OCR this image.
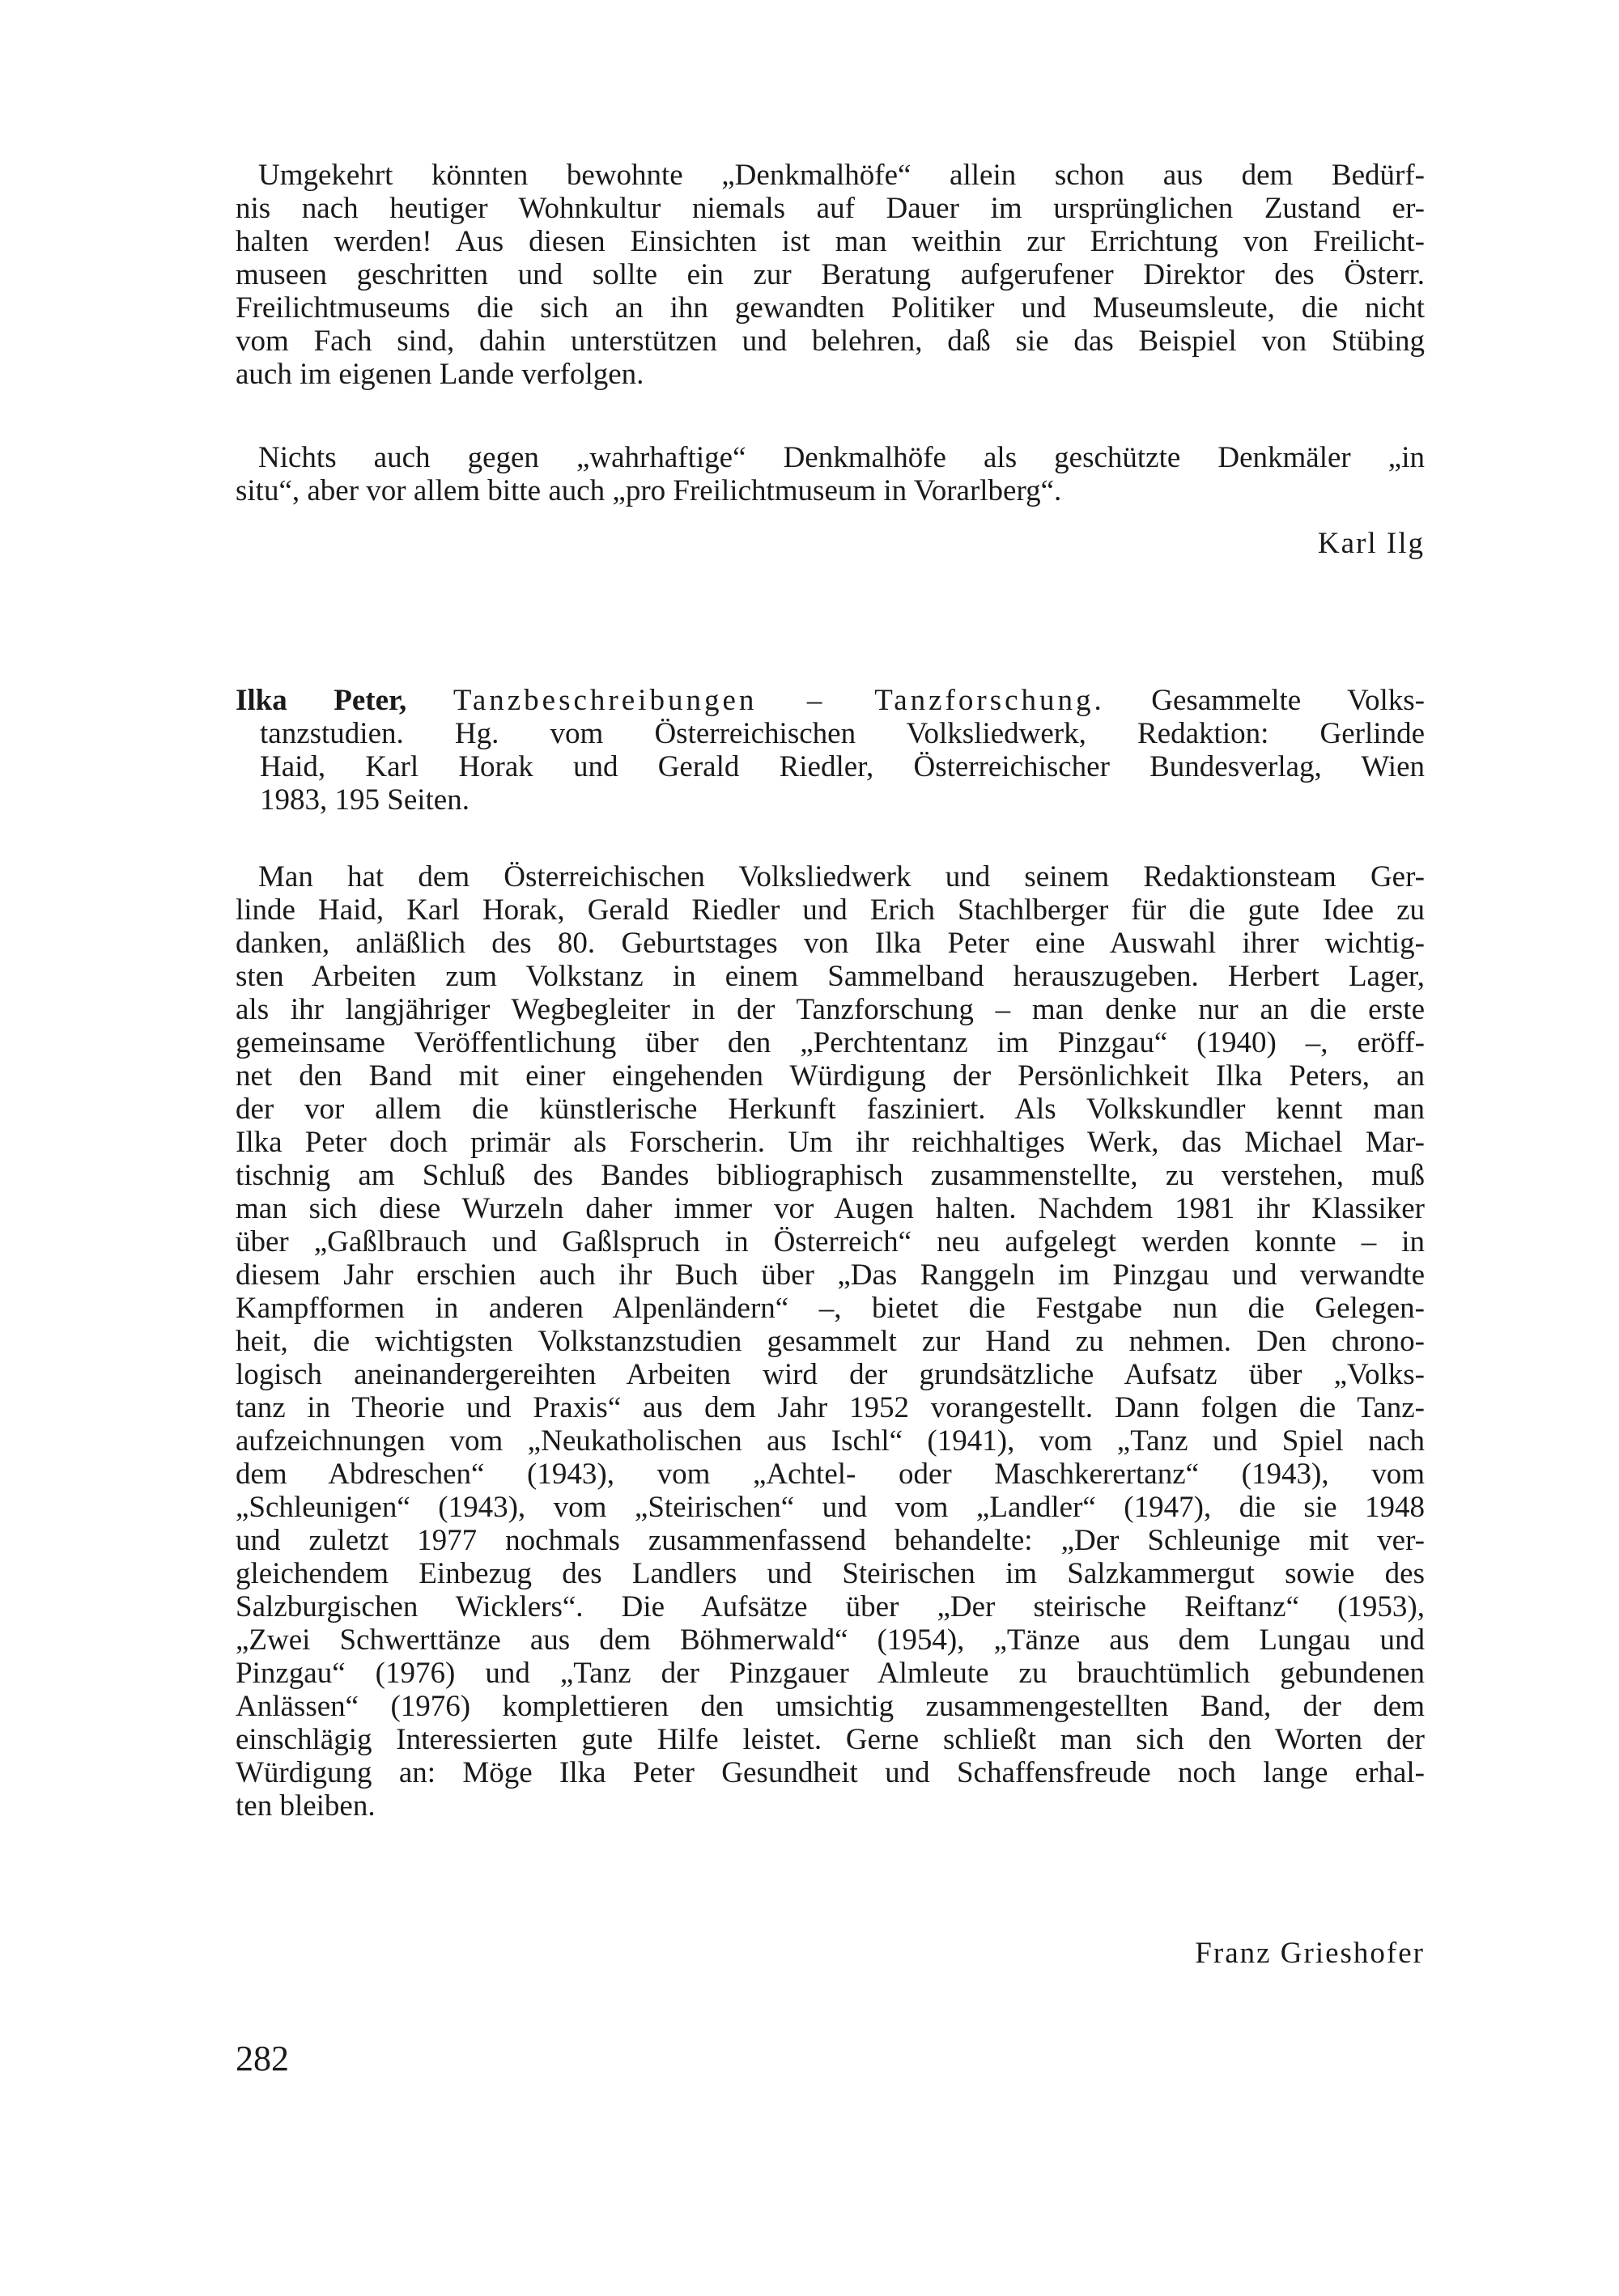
Umgekehrt könnten bewohnte „Denkmalhöfe“ allein schon aus dem Bedürf-
nis nach heutiger Wohnkultur niemals auf Dauer im ursprünglichen Zustand er-
halten werden! Aus diesen Einsichten ist man weithin zur Errichtung von Freilicht-
museen geschritten und sollte ein zur Beratung aufgerufener Direktor des Österr.
Freilichtmuseums die sich an ihn gewandten Politiker und Museumsleute, die nicht
vom Fach sind, dahin unterstützen und belehren, daß sie das Beispiel von Stübing
auch im eigenen Lande verfolgen.
Nichts auch gegen „wahrhaftige“ Denkmalhöfe als geschützte Denkmäler „in
situ“, aber vor allem bitte auch „pro Freilichtmuseum in Vorarlberg“.
Karl Ilg
Ilka Peter, Tanzbeschreibungen – Tanzforschung. Gesammelte Volks-
tanzstudien. Hg. vom Österreichischen Volksliedwerk, Redaktion: Gerlinde
Haid, Karl Horak und Gerald Riedler, Österreichischer Bundesverlag, Wien
1983, 195 Seiten.
Man hat dem Österreichischen Volksliedwerk und seinem Redaktionsteam Ger-
linde Haid, Karl Horak, Gerald Riedler und Erich Stachlberger für die gute Idee zu
danken, anläßlich des 80. Geburtstages von Ilka Peter eine Auswahl ihrer wichtig-
sten Arbeiten zum Volkstanz in einem Sammelband herauszugeben. Herbert Lager,
als ihr langjähriger Wegbegleiter in der Tanzforschung – man denke nur an die erste
gemeinsame Veröffentlichung über den „Perchtentanz im Pinzgau“ (1940) –, eröff-
net den Band mit einer eingehenden Würdigung der Persönlichkeit Ilka Peters, an
der vor allem die künstlerische Herkunft fasziniert. Als Volkskundler kennt man
Ilka Peter doch primär als Forscherin. Um ihr reichhaltiges Werk, das Michael Mar-
tischnig am Schluß des Bandes bibliographisch zusammenstellte, zu verstehen, muß
man sich diese Wurzeln daher immer vor Augen halten. Nachdem 1981 ihr Klassiker
über „Gaßlbrauch und Gaßlspruch in Österreich“ neu aufgelegt werden konnte – in
diesem Jahr erschien auch ihr Buch über „Das Ranggeln im Pinzgau und verwandte
Kampfformen in anderen Alpenländern“ –, bietet die Festgabe nun die Gelegen-
heit, die wichtigsten Volkstanzstudien gesammelt zur Hand zu nehmen. Den chrono-
logisch aneinandergereihten Arbeiten wird der grundsätzliche Aufsatz über „Volks-
tanz in Theorie und Praxis“ aus dem Jahr 1952 vorangestellt. Dann folgen die Tanz-
aufzeichnungen vom „Neukatholischen aus Ischl“ (1941), vom „Tanz und Spiel nach
dem Abdreschen“ (1943), vom „Achtel- oder Maschkerertanz“ (1943), vom
„Schleunigen“ (1943), vom „Steirischen“ und vom „Landler“ (1947), die sie 1948
und zuletzt 1977 nochmals zusammenfassend behandelte: „Der Schleunige mit ver-
gleichendem Einbezug des Landlers und Steirischen im Salzkammergut sowie des
Salzburgischen Wicklers“. Die Aufsätze über „Der steirische Reiftanz“ (1953),
„Zwei Schwerttänze aus dem Böhmerwald“ (1954), „Tänze aus dem Lungau und
Pinzgau“ (1976) und „Tanz der Pinzgauer Almleute zu brauchtümlich gebundenen
Anlässen“ (1976) komplettieren den umsichtig zusammengestellten Band, der dem
einschlägig Interessierten gute Hilfe leistet. Gerne schließt man sich den Worten der
Würdigung an: Möge Ilka Peter Gesundheit und Schaffensfreude noch lange erhal-
ten bleiben.
Franz Grieshofer
282
